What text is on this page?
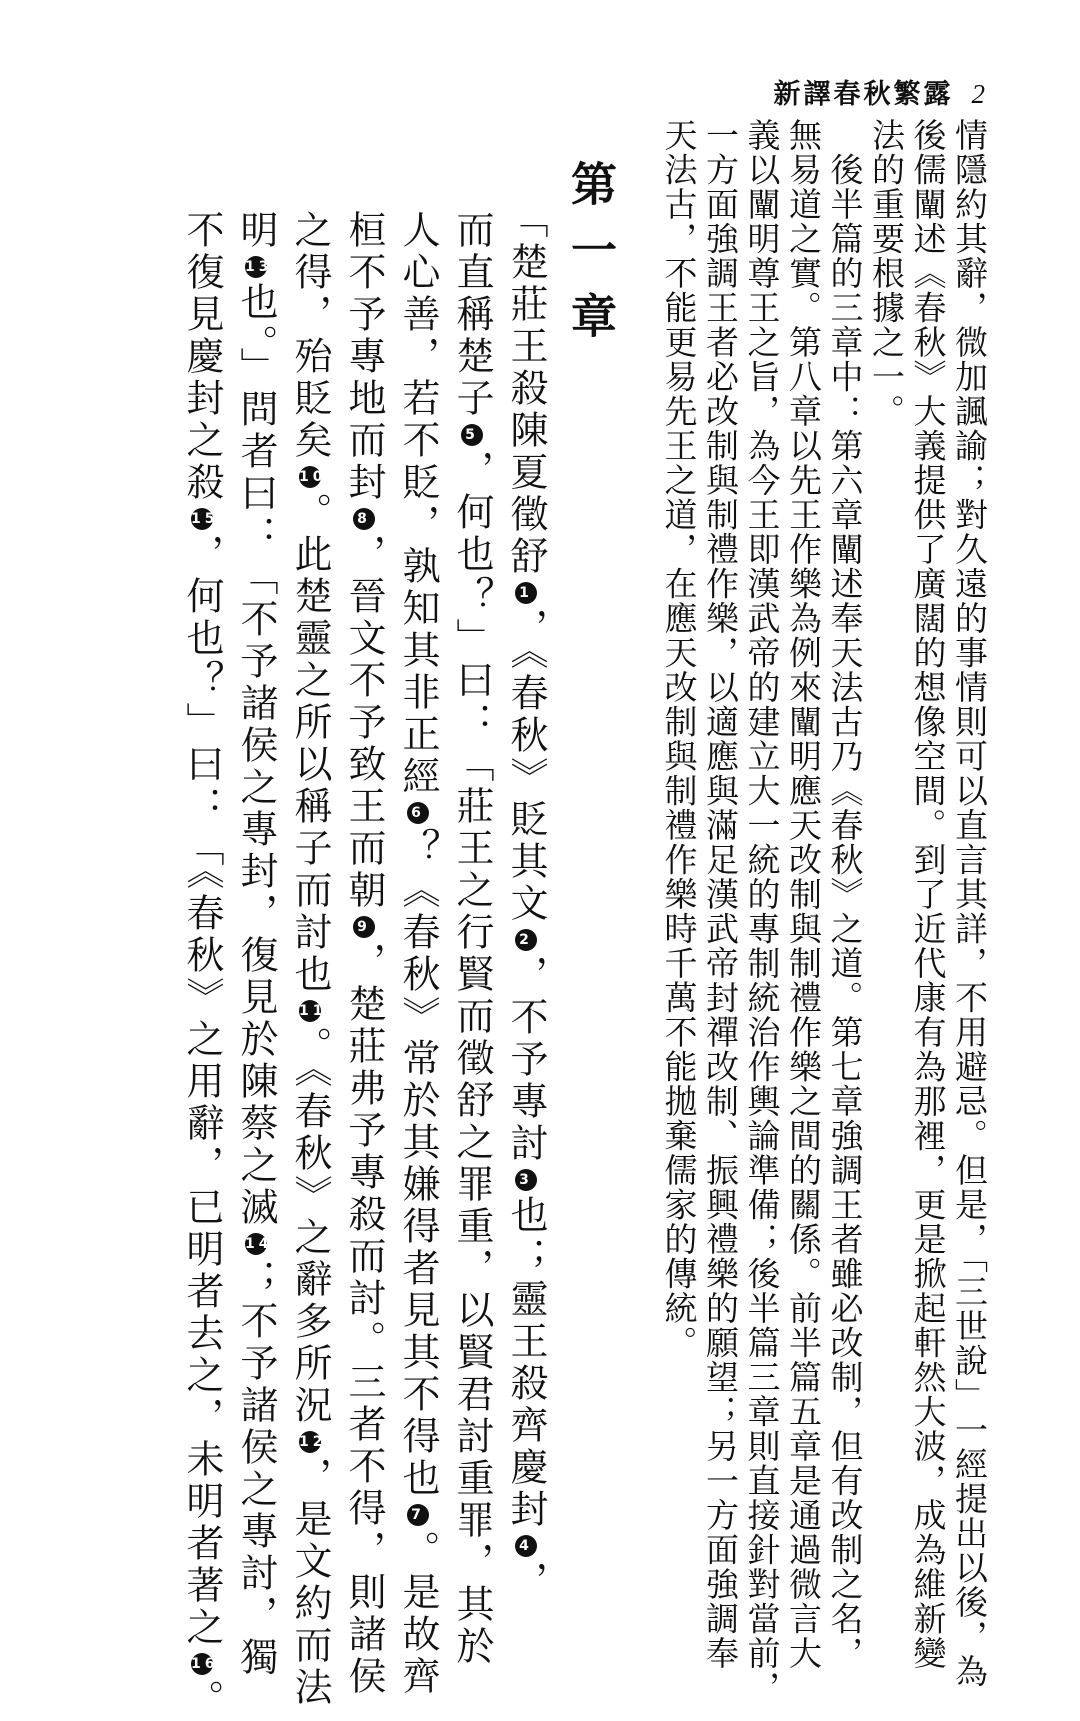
新譯春秋繁露 2
情隱約其辭，微加諷諭；對久遠的事情則可以直言其詳，不用避忌。但是，「三世說」一經提出以後，為
後儒闡述《春秋》大義提供了廣闊的想像空間。到了近代康有為那裡，更是掀起軒然大波，成為維新變
法的重要根據之一。
　後半篇的三章中：第六章闡述奉天法古乃《春秋》之道。第七章強調王者雖必改制，但有改制之名，
無易道之實。第八章以先王作樂為例來闡明應天改制與制禮作樂之間的關係。前半篇五章是通過微言大
義以闡明尊王之旨，為今王即漢武帝的建立大一統的專制統治作輿論準備；後半篇三章則直接針對當前，
一方面強調王者必改制與制禮作樂，以適應與滿足漢武帝封禪改制、振興禮樂的願望；另一方面強調奉
天法古，不能更易先王之道，在應天改制與制禮作樂時千萬不能拋棄儒家的傳統。
第一章
「楚莊王殺陳夏徵舒1，《春秋》貶其文2，不予專討3也；靈王殺齊慶封4，
而直稱楚子5，何也？」曰：「莊王之行賢而徵舒之罪重，以賢君討重罪，其於
人心善，若不貶，孰知其非正經6？《春秋》常於其嫌得者見其不得也7。是故齊
桓不予專地而封8，晉文不予致王而朝9，楚莊弗予專殺而討。三者不得，則諸侯
之得，殆貶矣10。此楚靈之所以稱子而討也11。《春秋》之辭多所況12，是文約而法
明13也。」問者曰：「不予諸侯之專封，復見於陳蔡之滅14；不予諸侯之專討，獨
不復見慶封之殺15，何也？」曰：「《春秋》之用辭，已明者去之，未明者著之16。
